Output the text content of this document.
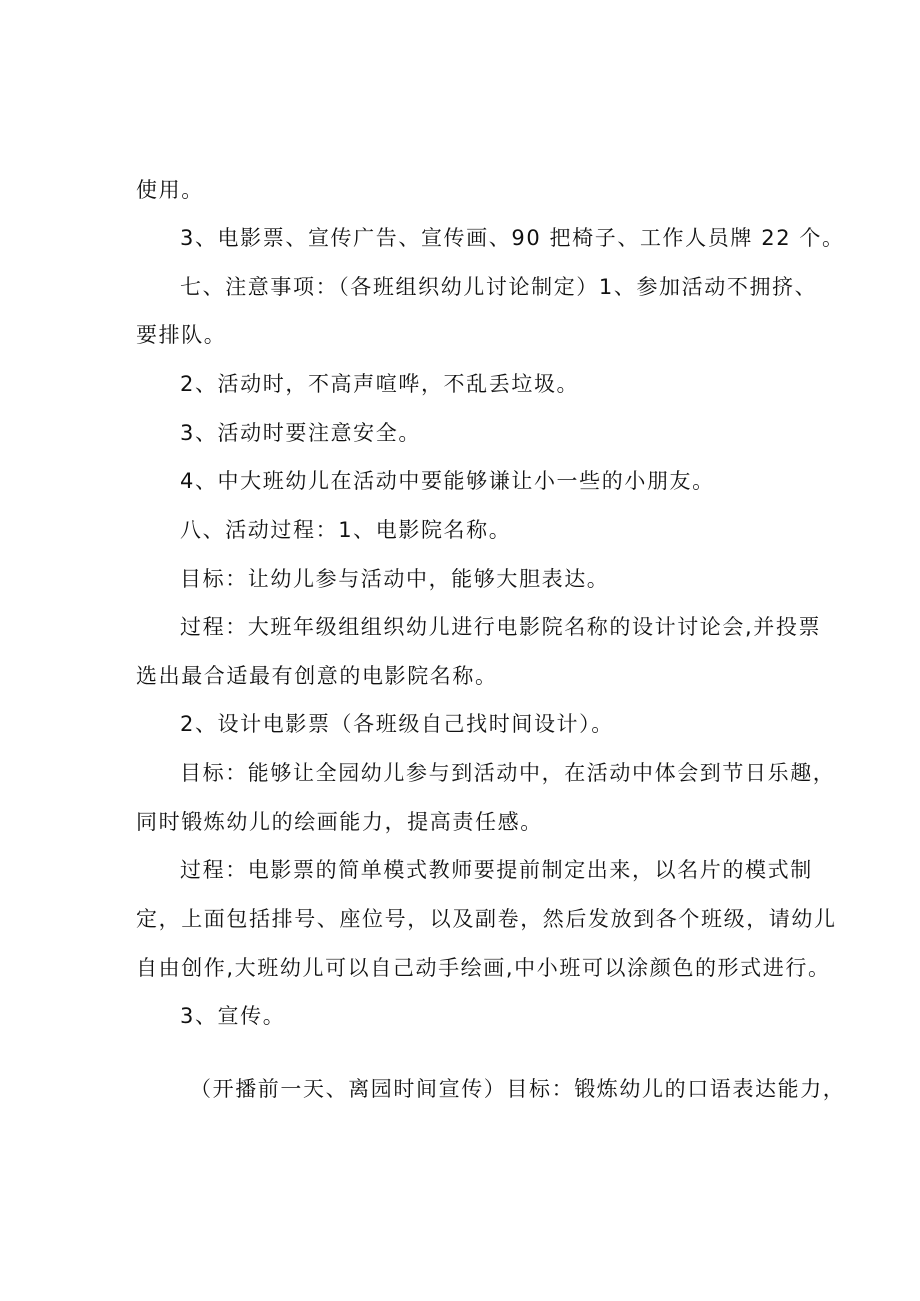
使用。
3、电影票、宣传广告、宣传画、90 把椅子、工作人员牌 22 个。
七、注意事项：（各班组织幼儿讨论制定）1、参加活动不拥挤、
要排队。
2、活动时，不高声喧哗，不乱丢垃圾。
3、活动时要注意安全。
4、中大班幼儿在活动中要能够谦让小一些的小朋友。
八、活动过程：1、电影院名称。
目标：让幼儿参与活动中，能够大胆表达。
过程：大班年级组组织幼儿进行电影院名称的设计讨论会,并投票
选出最合适最有创意的电影院名称。
2、设计电影票（各班级自己找时间设计）。
目标：能够让全园幼儿参与到活动中，在活动中体会到节日乐趣，
同时锻炼幼儿的绘画能力，提高责任感。
过程：电影票的简单模式教师要提前制定出来，以名片的模式制
定，上面包括排号、座位号，以及副卷，然后发放到各个班级，请幼儿
自由创作,大班幼儿可以自己动手绘画,中小班可以涂颜色的形式进行。
3、宣传。
（开播前一天、离园时间宣传）目标：锻炼幼儿的口语表达能力，
